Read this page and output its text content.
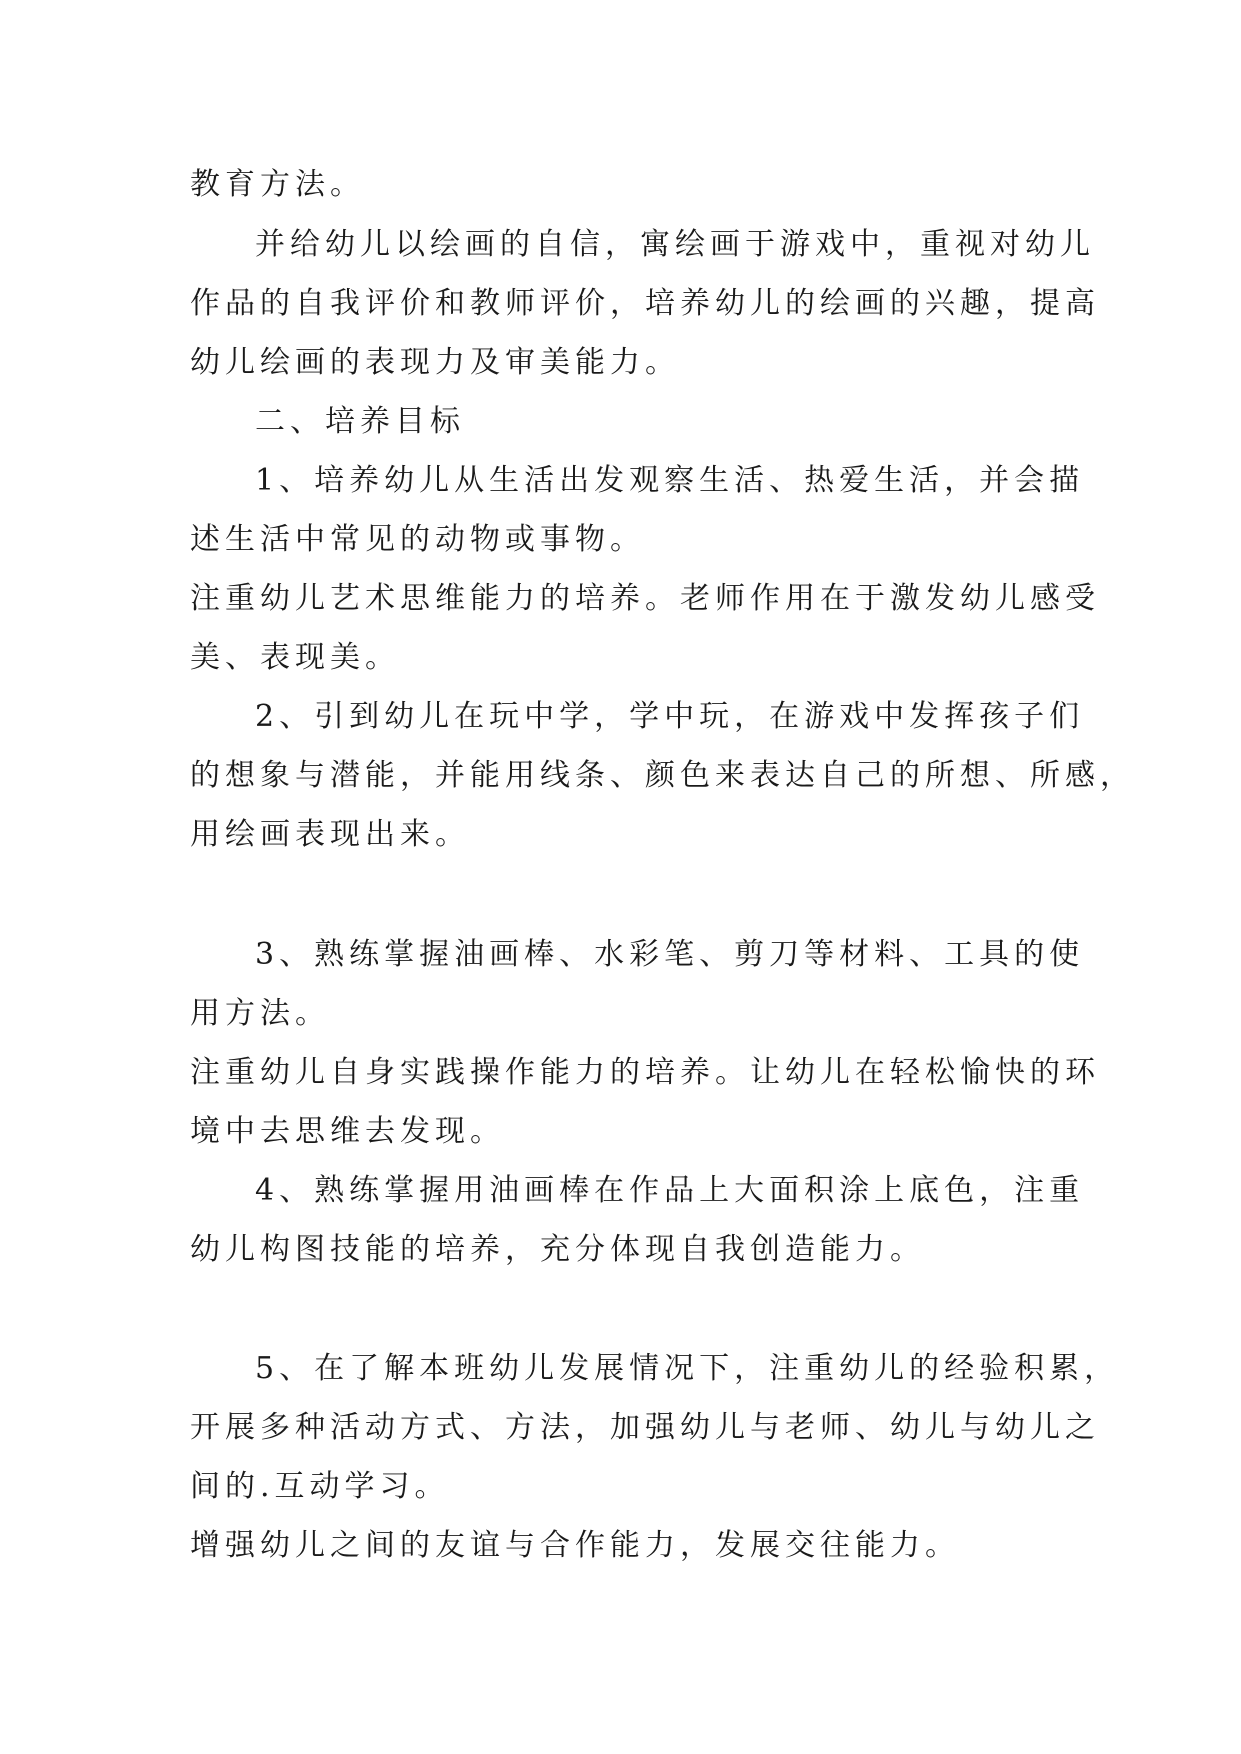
教育方法。
并给幼儿以绘画的自信，寓绘画于游戏中，重视对幼儿
作品的自我评价和教师评价，培养幼儿的绘画的兴趣，提高
幼儿绘画的表现力及审美能力。
二、培养目标
1、培养幼儿从生活出发观察生活、热爱生活，并会描
述生活中常见的动物或事物。
注重幼儿艺术思维能力的培养。老师作用在于激发幼儿感受
美、表现美。
2、引到幼儿在玩中学，学中玩，在游戏中发挥孩子们
的想象与潜能，并能用线条、颜色来表达自己的所想、所感，
用绘画表现出来。
3、熟练掌握油画棒、水彩笔、剪刀等材料、工具的使
用方法。
注重幼儿自身实践操作能力的培养。让幼儿在轻松愉快的环
境中去思维去发现。
4、熟练掌握用油画棒在作品上大面积涂上底色，注重
幼儿构图技能的培养，充分体现自我创造能力。
5、在了解本班幼儿发展情况下，注重幼儿的经验积累，
开展多种活动方式、方法，加强幼儿与老师、幼儿与幼儿之
间的.互动学习。
增强幼儿之间的友谊与合作能力，发展交往能力。
